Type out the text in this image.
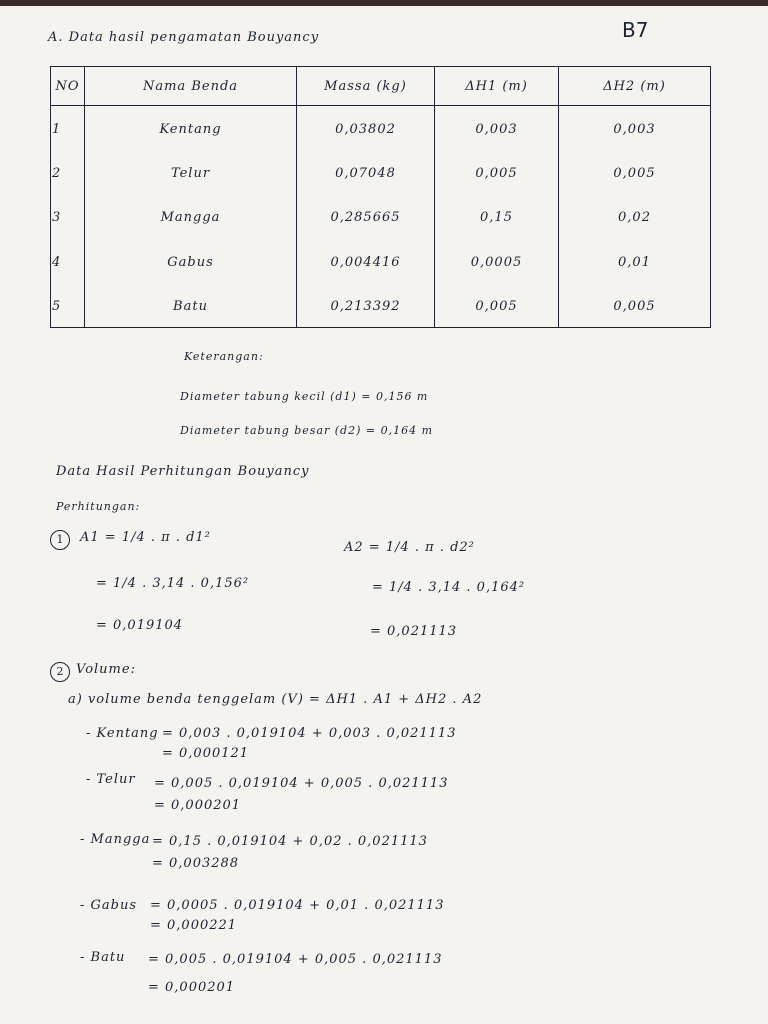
B7
A. Data hasil pengamatan Bouyancy
NO	Nama Benda	Massa (kg)	ΔH1 (m)	ΔH2 (m)
1	Kentang	0,03802	0,003	0,003
2	Telur	0,07048	0,005	0,005
3	Mangga	0,285665	0,15	0,02
4	Gabus	0,004416	0,0005	0,01
5	Batu	0,213392	0,005	0,005
Keterangan:
Diameter tabung kecil (d1) = 0,156 m
Diameter tabung besar (d2) = 0,164 m
Data Hasil Perhitungan Bouyancy
Perhitungan:
1	A1 = 1/4 . π . d1²
= 1/4 . 3,14 . 0,156²
= 0,019104
A2 = 1/4 . π . d2²
= 1/4 . 3,14 . 0,164²
= 0,021113
2 Volume:
a) volume benda tenggelam (V) = ΔH1 . A1 + ΔH2 . A2
- Kentang = 0,003 . 0,019104 + 0,003 . 0,021113
= 0,000121
- Telur = 0,005 . 0,019104 + 0,005 . 0,021113
= 0,000201
- Mangga = 0,15 . 0,019104 + 0,02 . 0,021113
= 0,003288
- Gabus = 0,0005 . 0,019104 + 0,01 . 0,021113
= 0,000221
- Batu = 0,005 . 0,019104 + 0,005 . 0,021113
= 0,000201
